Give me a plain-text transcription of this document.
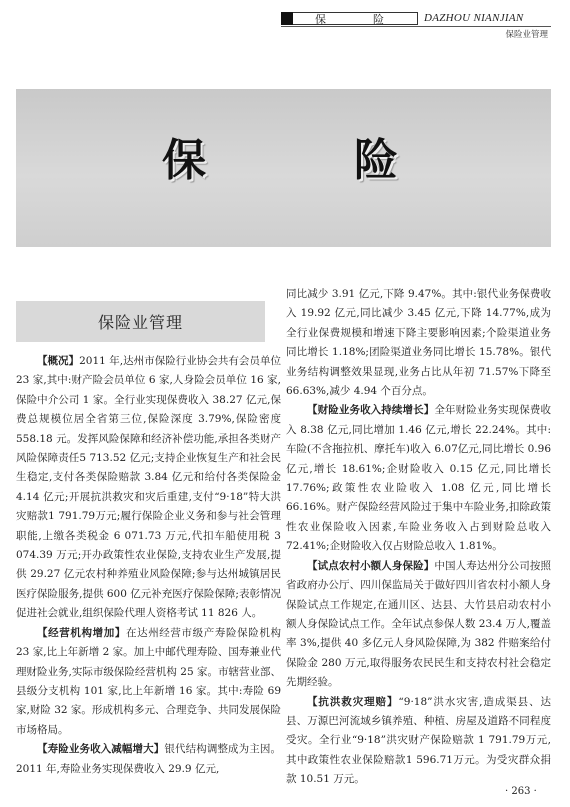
保　险	DAZHOU NIANJIAN
保险业管理
保	险
保险业管理

【概况】2011 年,达州市保险行业协会共有会员单位 23 家,其中:财产险会员单位 6 家,人身险会员单位 16 家,保险中介公司 1 家。全行业实现保费收入 38.27 亿元,保费总规模位居全省第三位,保险深度 3.79%,保险密度 558.18 元。发挥风险保障和经济补偿功能,承担各类财产风险保障责任5 713.52 亿元;支持企业恢复生产和社会民生稳定,支付各类保险赔款 3.84 亿元和给付各类保险金 4.14 亿元;开展抗洪救灾和灾后重建,支付“9·18”特大洪灾赔款1 791.79万元;履行保险企业义务和参与社会管理职能,上缴各类税金 6 071.73 万元,代扣车船使用税 3 074.39 万元;开办政策性农业保险,支持农业生产发展,提供 29.27 亿元农村种养殖业风险保障;参与达州城镇居民医疗保险服务,提供 600 亿元补充医疗保险保障;表彰情况促进社会就业,组织保险代理人资格考试 11 826 人。

【经营机构增加】在达州经营市级产寿险保险机构 23 家,比上年新增 2 家。加上中邮代理寿险、国寿兼业代理财险业务,实际市级保险经营机构 25 家。市辖营业部、县级分支机构 101 家,比上年新增 16 家。其中:寿险 69 家,财险 32 家。形成机构多元、合理竞争、共同发展保险市场格局。

【寿险业务收入减幅增大】银代结构调整成为主因。2011 年,寿险业务实现保费收入 29.9 亿元,

同比减少 3.91 亿元,下降 9.47%。其中:银代业务保费收入 19.92 亿元,同比减少 3.45 亿元,下降 14.77%,成为全行业保费规模和增速下降主要影响因素;个险渠道业务同比增长 1.18%;团险渠道业务同比增长 15.78%。银代业务结构调整效果显现,业务占比从年初 71.57%下降至 66.63%,减少 4.94 个百分点。

【财险业务收入持续增长】全年财险业务实现保费收入 8.38 亿元,同比增加 1.46 亿元,增长 22.24%。其中:车险(不含拖拉机、摩托车)收入 6.07亿元,同比增长 0.96 亿元,增长 18.61%;企财险收入 0.15 亿元,同比增长 17.76%;政策性农业险收入 1.08 亿元,同比增长 66.16%。财产保险经营风险过于集中车险业务,扣除政策性农业保险收入因素,车险业务收入占到财险总收入 72.41%;企财险收入仅占财险总收入 1.81%。

【试点农村小额人身保险】中国人寿达州分公司按照省政府办公厅、四川保监局关于做好四川省农村小额人身保险试点工作规定,在通川区、达县、大竹县启动农村小额人身保险试点工作。全年试点参保人数 23.4 万人,覆盖率 3%,提供 40 多亿元人身风险保障,为 382 件赔案给付保险金 280 万元,取得服务农民民生和支持农村社会稳定先期经验。

【抗洪救灾理赔】“9·18”洪水灾害,造成渠县、达县、万源巴河流域乡镇养殖、种植、房屋及道路不同程度受灾。全行业“9·18”洪灾财产保险赔款 1 791.79万元,其中政策性农业保险赔款1 596.71万元。为受灾群众捐款 10.51 万元。

· 263 ·
